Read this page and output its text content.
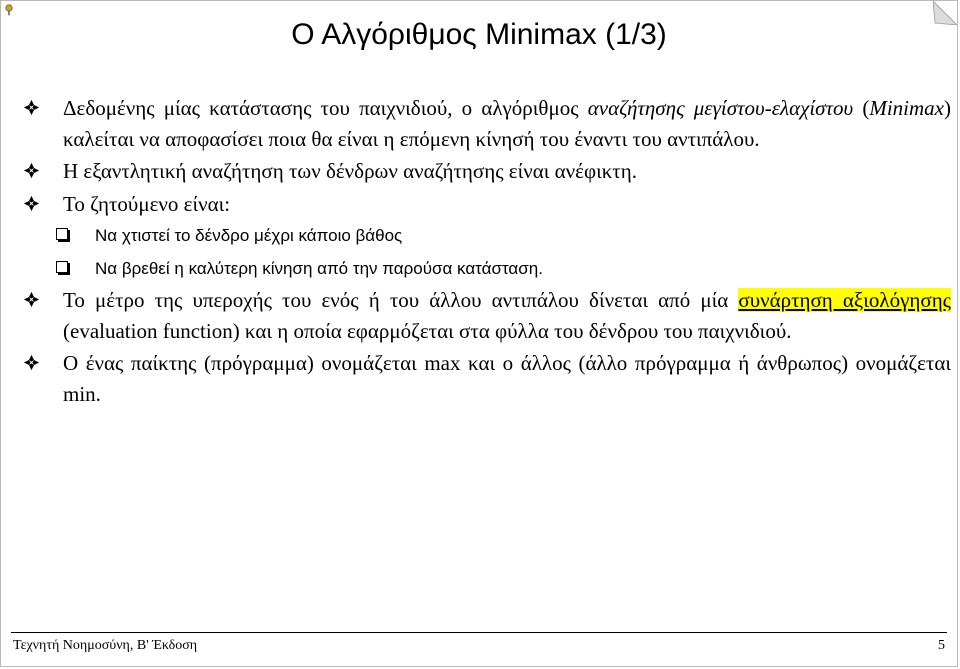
Ο Αλγόριθμος Minimax (1/3)
Δεδομένης μίας κατάστασης του παιχνιδιού, ο αλγόριθμος αναζήτησης μεγίστου-ελαχίστου (Minimax) καλείται να αποφασίσει ποια θα είναι η επόμενη κίνησή του έναντι του αντιπάλου.
Η εξαντλητική αναζήτηση των δένδρων αναζήτησης είναι ανέφικτη.
Το ζητούμενο είναι:
Να χτιστεί το δένδρο μέχρι κάποιο βάθος
Να βρεθεί η καλύτερη κίνηση από την παρούσα κατάσταση.
Το μέτρο της υπεροχής του ενός ή του άλλου αντιπάλου δίνεται από μία συνάρτηση αξιολόγησης (evaluation function) και η οποία εφαρμόζεται στα φύλλα του δένδρου του παιχνιδιού.
Ο ένας παίκτης (πρόγραμμα) ονομάζεται max και ο άλλος (άλλο πρόγραμμα ή άνθρωπος) ονομάζεται min.
Τεχνητή Νοημοσύνη, Β' Έκδοση	5
